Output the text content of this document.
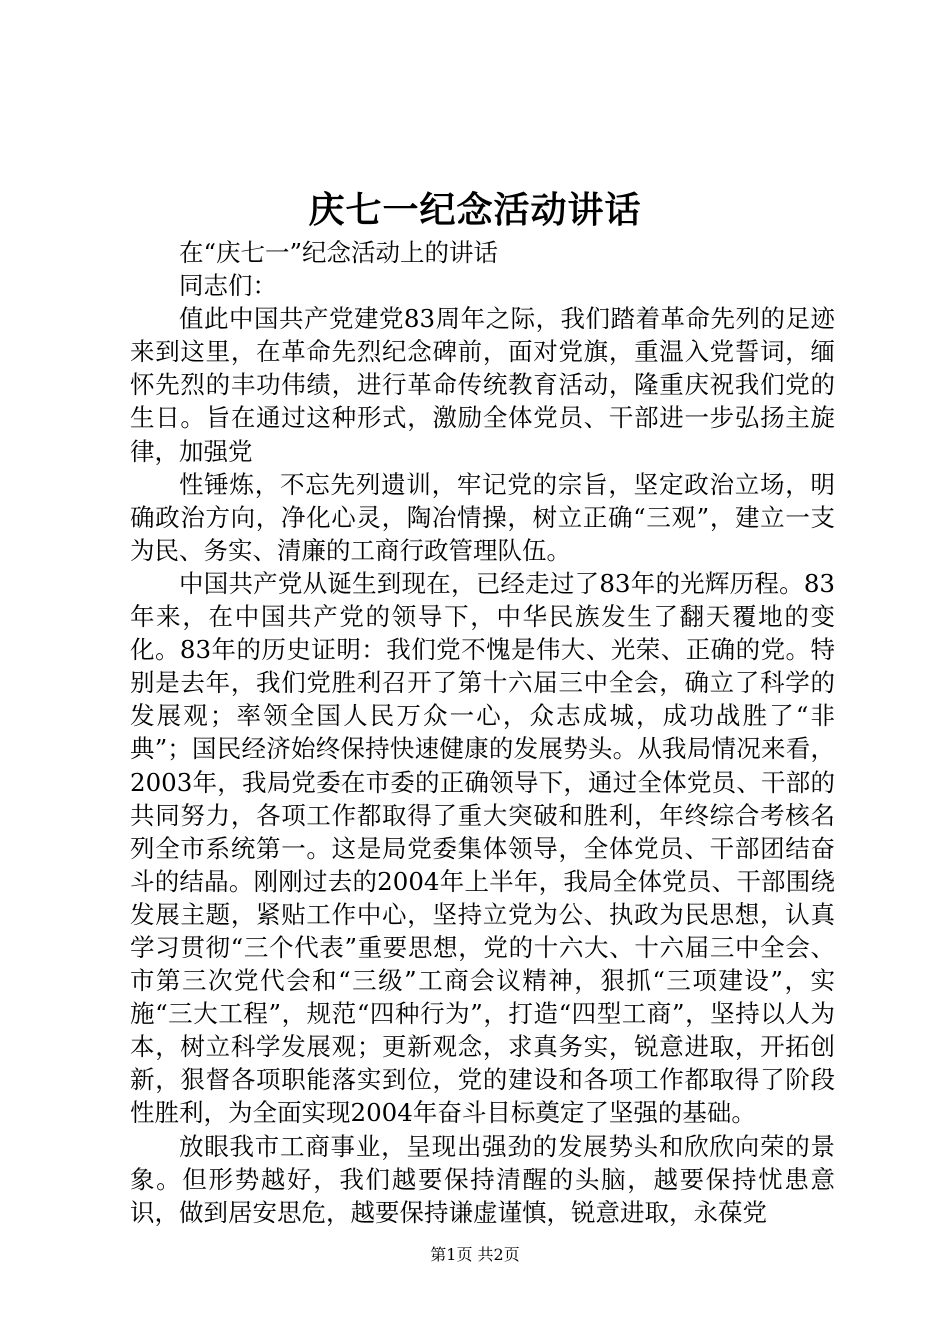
庆七一纪念活动讲话

在“庆七一”纪念活动上的讲话

同志们：

值此中国共产党建党83周年之际，我们踏着革命先列的足迹来到这里，在革命先烈纪念碑前，面对党旗，重温入党誓词，缅怀先烈的丰功伟绩，进行革命传统教育活动，隆重庆祝我们党的生日。旨在通过这种形式，激励全体党员、干部进一步弘扬主旋律，加强党

性锤炼，不忘先列遗训，牢记党的宗旨，坚定政治立场，明确政治方向，净化心灵，陶冶情操，树立正确“三观”，建立一支为民、务实、清廉的工商行政管理队伍。

中国共产党从诞生到现在，已经走过了83年的光辉历程。83年来，在中国共产党的领导下，中华民族发生了翻天覆地的变化。83年的历史证明：我们党不愧是伟大、光荣、正确的党。特别是去年，我们党胜利召开了第十六届三中全会，确立了科学的发展观；率领全国人民万众一心，众志成城，成功战胜了“非典”；国民经济始终保持快速健康的发展势头。从我局情况来看，2003年，我局党委在市委的正确领导下，通过全体党员、干部的共同努力，各项工作都取得了重大突破和胜利，年终综合考核名列全市系统第一。这是局党委集体领导，全体党员、干部团结奋斗的结晶。刚刚过去的2004年上半年，我局全体党员、干部围绕发展主题，紧贴工作中心，坚持立党为公、执政为民思想，认真学习贯彻“三个代表”重要思想，党的十六大、十六届三中全会、市第三次党代会和“三级”工商会议精神，狠抓“三项建设”，实施“三大工程”，规范“四种行为”，打造“四型工商”，坚持以人为本，树立科学发展观；更新观念，求真务实，锐意进取，开拓创新，狠督各项职能落实到位，党的建设和各项工作都取得了阶段性胜利，为全面实现2004年奋斗目标奠定了坚强的基础。

放眼我市工商事业，呈现出强劲的发展势头和欣欣向荣的景象。但形势越好，我们越要保持清醒的头脑，越要保持忧患意识，做到居安思危，越要保持谦虚谨慎，锐意进取，永葆党

第1页 共2页
